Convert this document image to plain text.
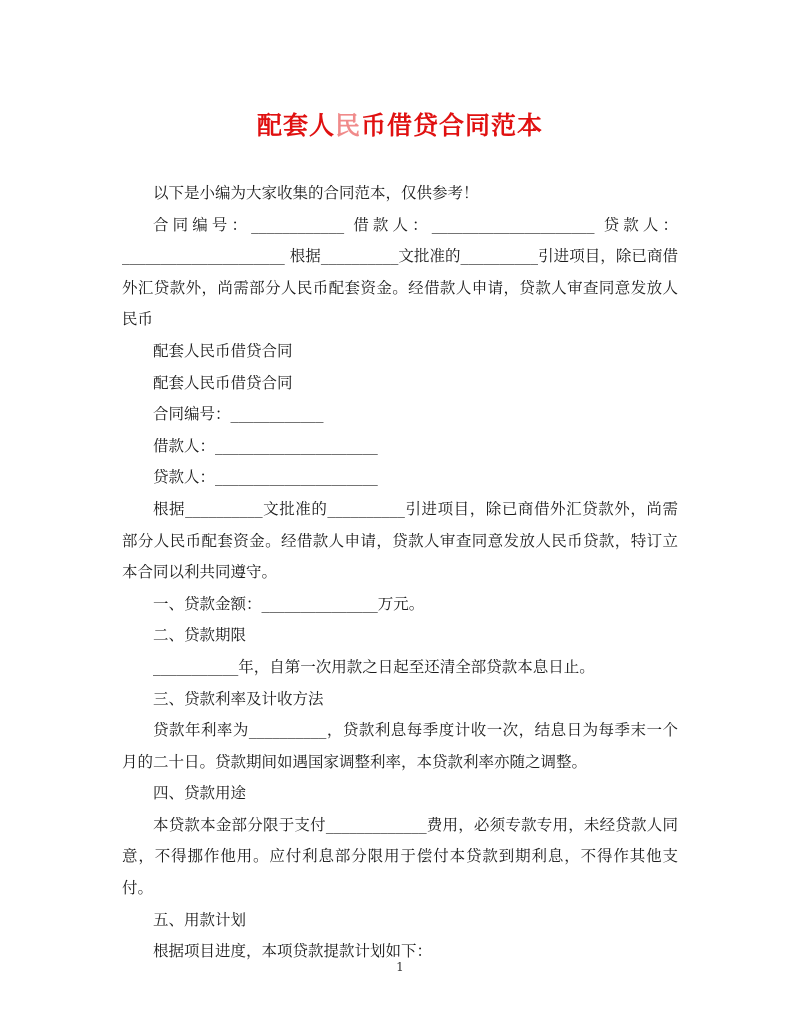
配套人民币借贷合同范本

以下是小编为大家收集的合同范本，仅供参考！

合同编号：____________ 借款人：_____________________ 贷款人：_____________________ 根据__________文批准的__________引进项目，除已商借外汇贷款外，尚需部分人民币配套资金。经借款人申请，贷款人审查同意发放人民币

配套人民币借贷合同

配套人民币借贷合同

合同编号：____________

借款人：_____________________

贷款人：_____________________

根据__________文批准的__________引进项目，除已商借外汇贷款外，尚需部分人民币配套资金。经借款人申请，贷款人审查同意发放人民币贷款，特订立本合同以利共同遵守。

一、贷款金额：_______________万元。

二、贷款期限

___________年，自第一次用款之日起至还清全部贷款本息日止。

三、贷款利率及计收方法

贷款年利率为__________，贷款利息每季度计收一次，结息日为每季末一个月的二十日。贷款期间如遇国家调整利率，本贷款利率亦随之调整。

四、贷款用途

本贷款本金部分限于支付_____________费用，必须专款专用，未经贷款人同意，不得挪作他用。应付利息部分限用于偿付本贷款到期利息，不得作其他支付。

五、用款计划

根据项目进度，本项贷款提款计划如下：

1
